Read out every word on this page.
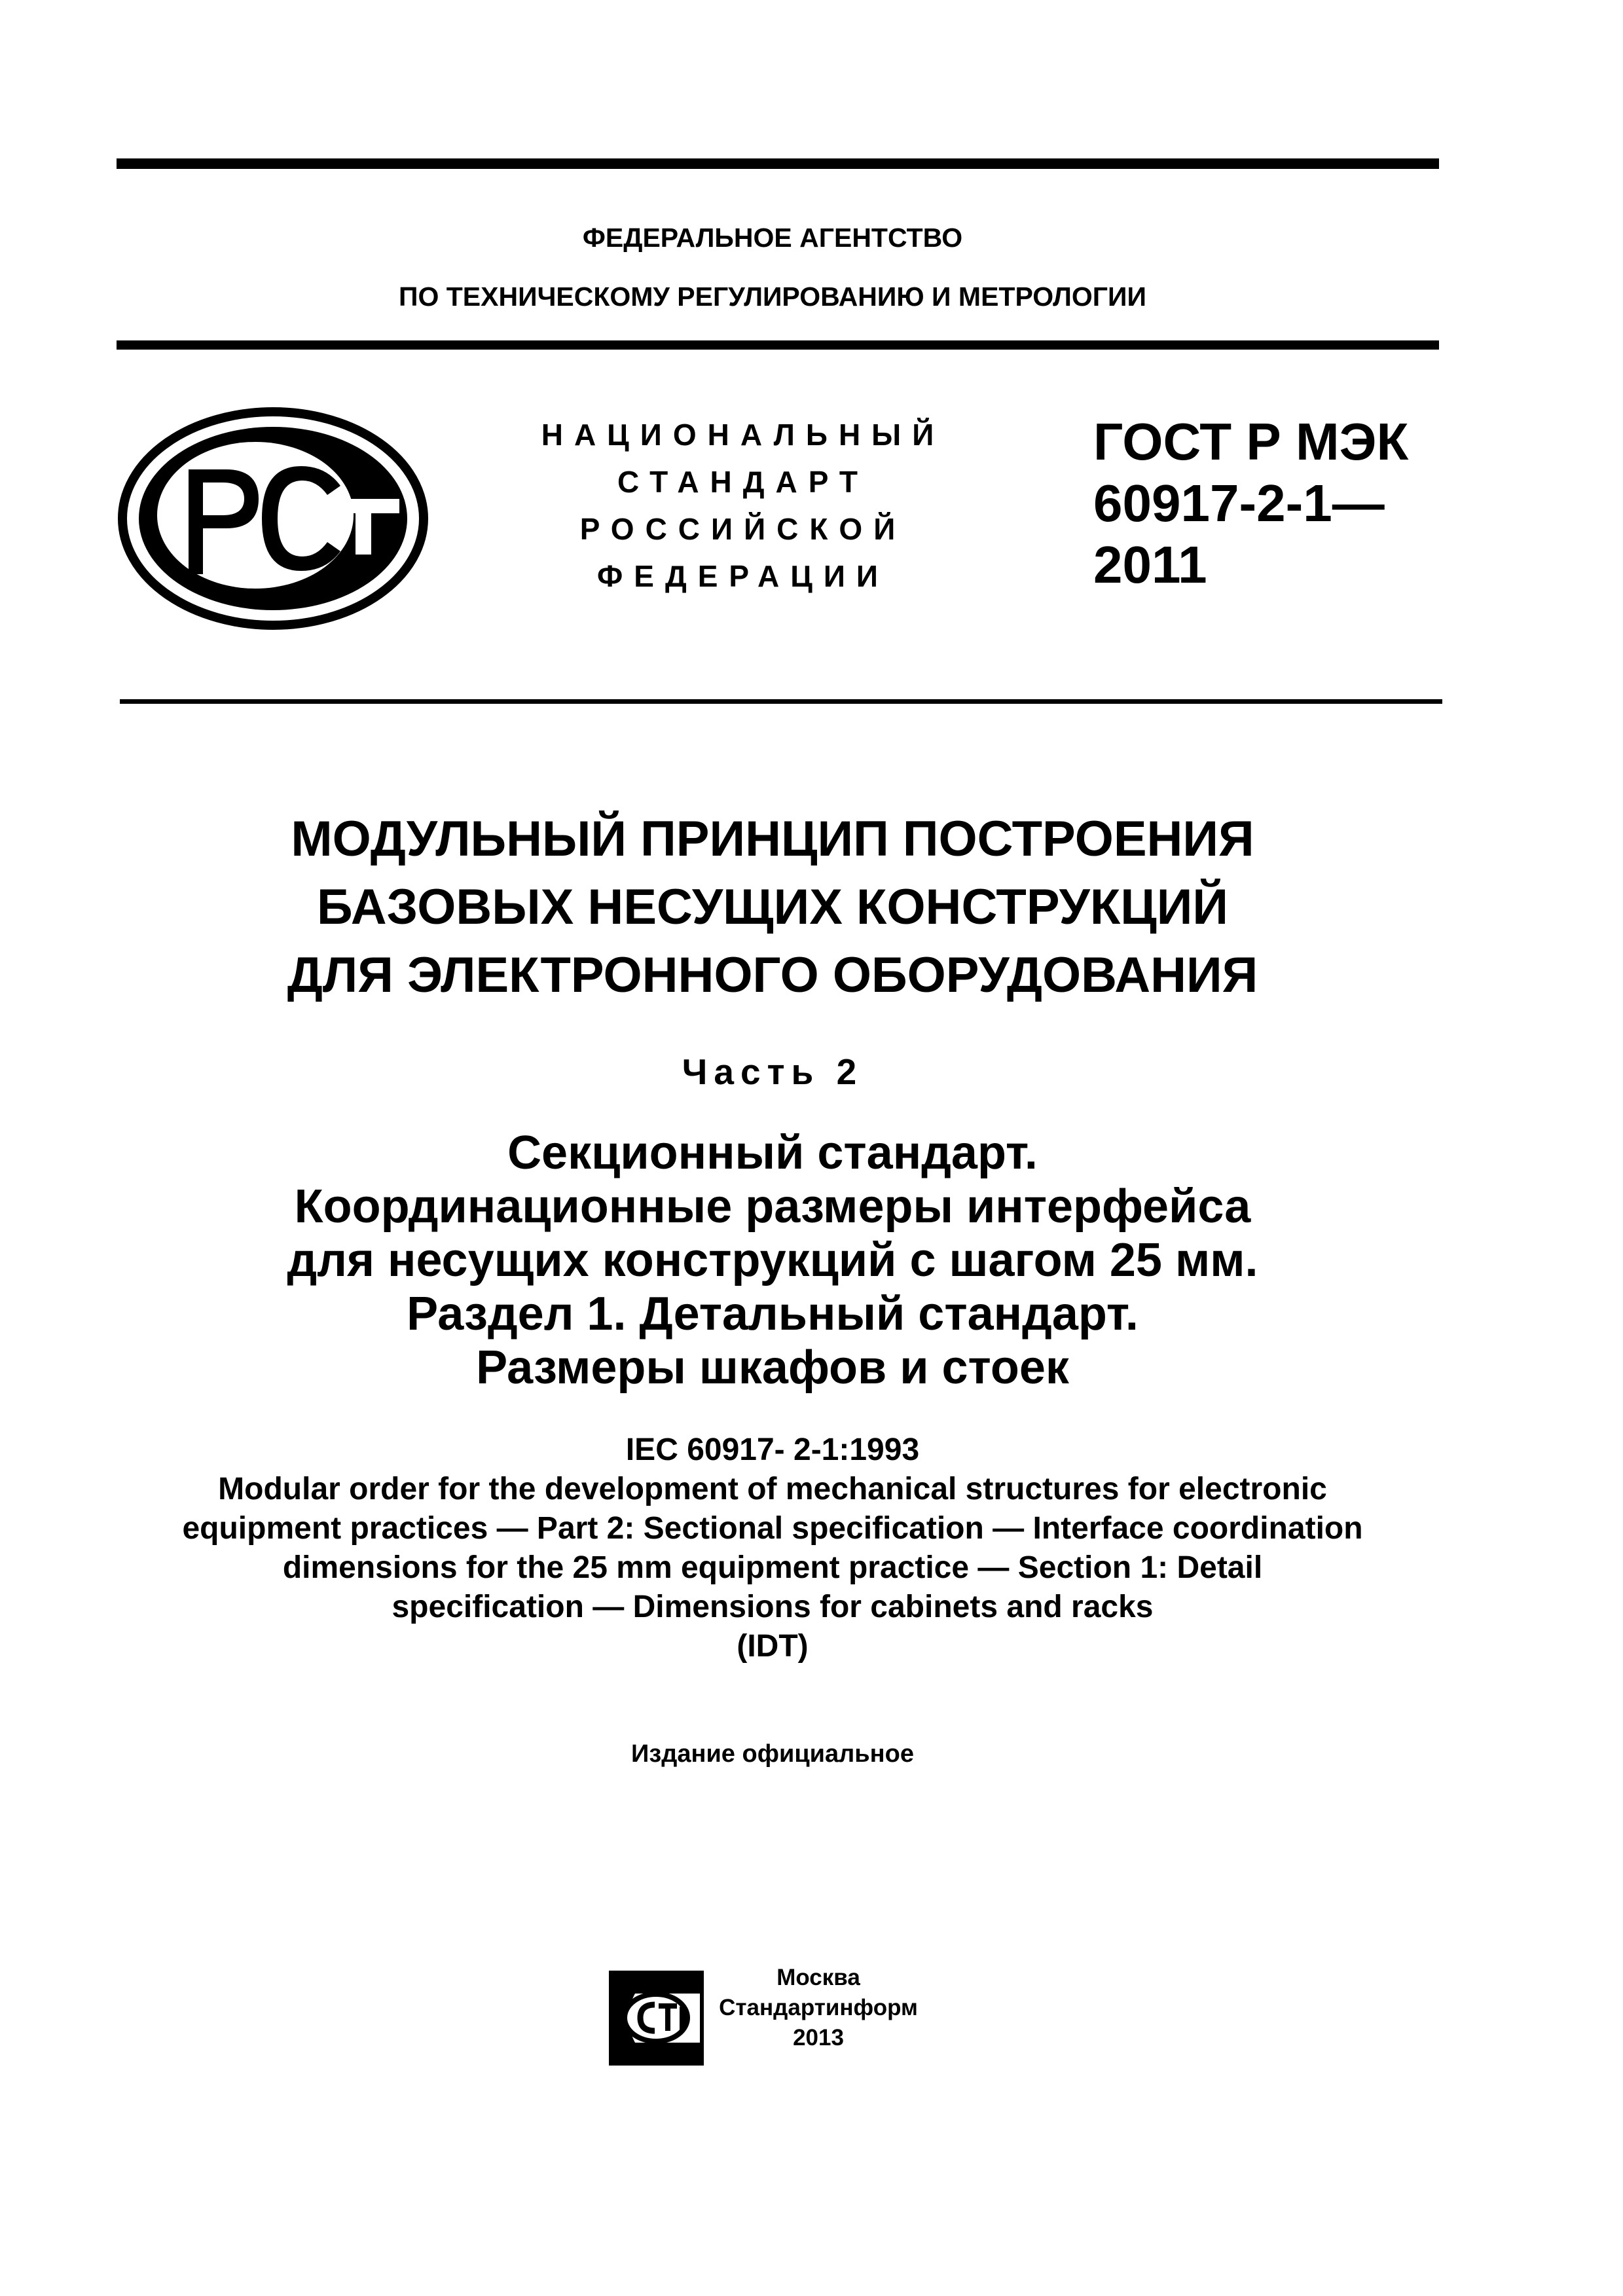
ФЕДЕРАЛЬНОЕ АГЕНТСТВО
ПО ТЕХНИЧЕСКОМУ РЕГУЛИРОВАНИЮ И МЕТРОЛОГИИ
НАЦИОНАЛЬНЫЙ
СТАНДАРТ
РОССИЙСКОЙ
ФЕДЕРАЦИИ
ГОСТ Р МЭК
60917-2-1—
2011
МОДУЛЬНЫЙ ПРИНЦИП ПОСТРОЕНИЯ
БАЗОВЫХ НЕСУЩИХ КОНСТРУКЦИЙ
ДЛЯ ЭЛЕКТРОННОГО ОБОРУДОВАНИЯ
Часть 2
Секционный стандарт.
Координационные размеры интерфейса
для несущих конструкций с шагом 25 мм.
Раздел 1. Детальный стандарт.
Размеры шкафов и стоек
IEC 60917- 2-1:1993
Modular order for the development of mechanical structures for electronic
equipment practices — Part 2: Sectional specification — Interface coordination
dimensions for the 25 mm equipment practice — Section 1: Detail
specification — Dimensions for cabinets and racks
(IDT)
Издание официальное
Москва
Стандартинформ
2013
